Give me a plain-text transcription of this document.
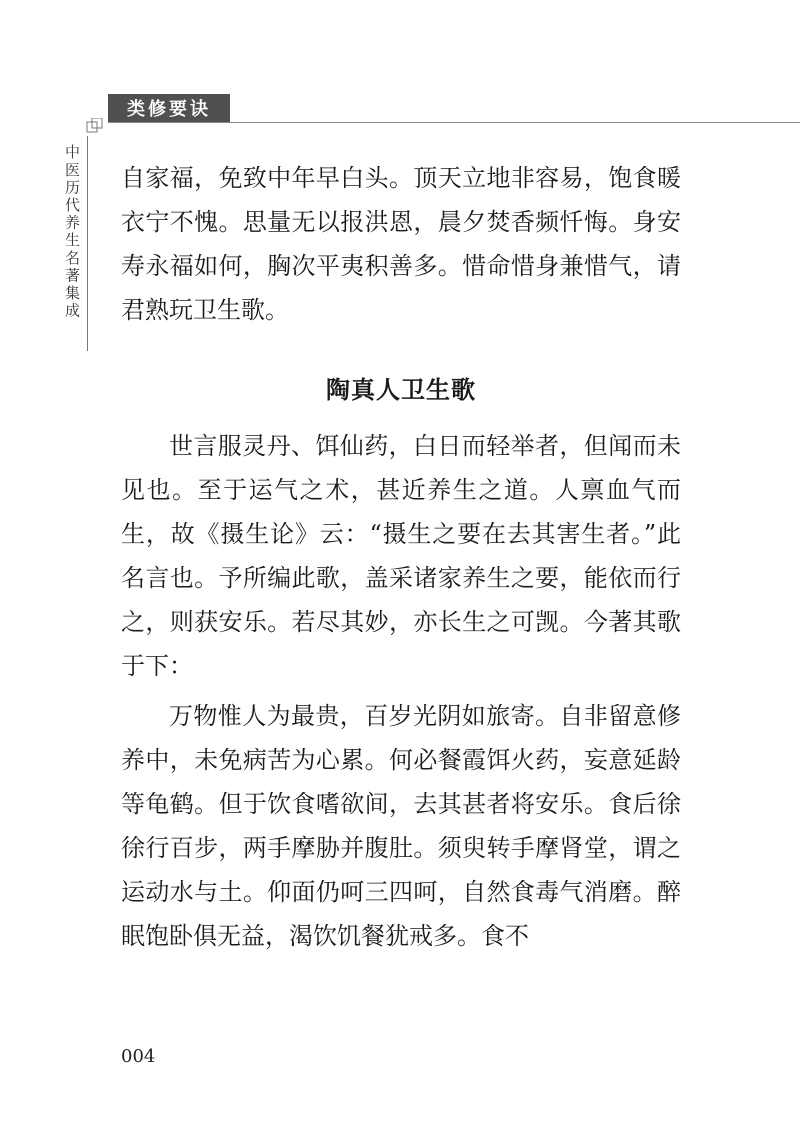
类修要诀
中医历代养生名著集成 自家福，免致中年早白头。顶天立地非容易，饱食暖衣宁不愧。思量无以报洪恩，晨夕焚香频忏悔。身安寿永福如何，胸次平夷积善多。惜命惜身兼惜气，请君熟玩卫生歌。

陶真人卫生歌

世言服灵丹、饵仙药，白日而轻举者，但闻而未见也。至于运气之术，甚近养生之道。人禀血气而生，故《摄生论》云：“摄生之要在去其害生者。”此名言也。予所编此歌，盖采诸家养生之要，能依而行之，则获安乐。若尽其妙，亦长生之可觊。今著其歌于下：

万物惟人为最贵，百岁光阴如旅寄。自非留意修养中，未免病苦为心累。何必餐霞饵火药，妄意延龄等龟鹤。但于饮食嗜欲间，去其甚者将安乐。食后徐徐行百步，两手摩胁并腹肚。须臾转手摩肾堂，谓之运动水与土。仰面仍呵三四呵，自然食毒气消磨。醉眠饱卧俱无益，渴饮饥餐犹戒多。食不

004
